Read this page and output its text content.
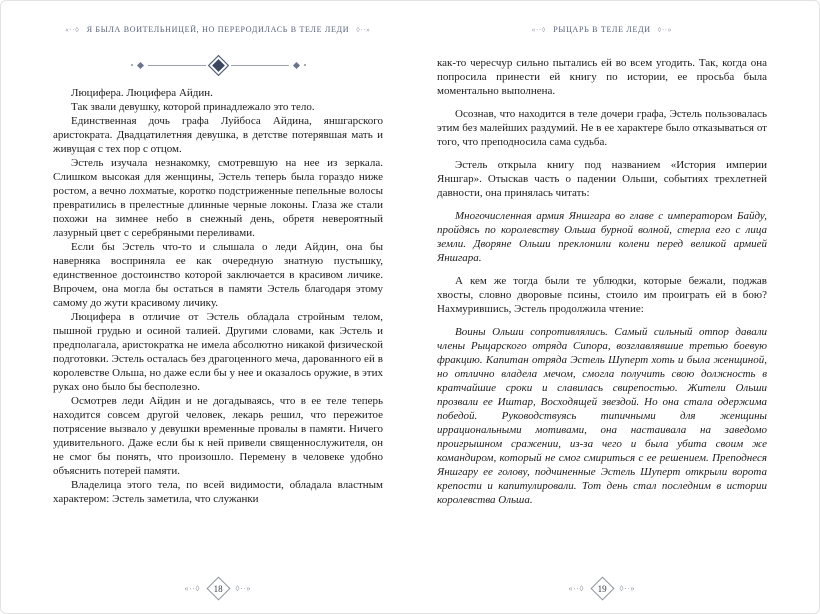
«∙∙◊ Я БЫЛА ВОИТЕЛЬНИЦЕЙ, НО ПЕРЕРОДИЛАСЬ В ТЕЛЕ ЛЕДИ ◊∙∙»

Люцифера. Люцифера Айдин.

Так звали девушку, которой принадлежало это тело.

Единственная дочь графа Луйбоса Айдина, яншгарского аристократа. Двадцатилетняя девушка, в детстве потерявшая мать и живущая с тех пор с отцом.

Эстель изучала незнакомку, смотревшую на нее из зеркала. Слишком высокая для женщины, Эстель теперь была гораздо ниже ростом, а вечно лохматые, коротко подстриженные пепельные волосы превратились в прелестные длинные черные локоны. Глаза же стали похожи на зимнее небо в снежный день, обретя невероятный лазурный цвет с серебряными переливами.

Если бы Эстель что-то и слышала о леди Айдин, она бы наверняка восприняла ее как очередную знатную пустышку, единственное достоинство которой заключается в красивом личике. Впрочем, она могла бы остаться в памяти Эстель благодаря этому самому до жути красивому личику.

Люцифера в отличие от Эстель обладала стройным телом, пышной грудью и осиной талией. Другими словами, как Эстель и предполагала, аристократка не имела абсолютно никакой физической подготовки. Эстель осталась без драгоценного меча, дарованного ей в королевстве Ольша, но даже если бы у нее и оказалось оружие, в этих руках оно было бы бесполезно.

Осмотрев леди Айдин и не догадываясь, что в ее теле теперь находится совсем другой человек, лекарь решил, что пережитое потрясение вызвало у девушки временные провалы в памяти. Ничего удивительного. Даже если бы к ней привели священнослужителя, он не смог бы понять, что произошло. Перемену в человеке удобно объяснить потерей памяти.

Владелица этого тела, по всей видимости, обладала властным характером: Эстель заметила, что служанки

«∙∙◊ 18 ◊∙∙»
«∙∙◊ РЫЦАРЬ В ТЕЛЕ ЛЕДИ ◊∙∙»

как-то чересчур сильно пытались ей во всем угодить. Так, когда она попросила принести ей книгу по истории, ее просьба была моментально выполнена.

Осознав, что находится в теле дочери графа, Эстель пользовалась этим без малейших раздумий. Не в ее характере было отказываться от того, что преподносила сама судьба.

Эстель открыла книгу под названием «История империи Яншгар». Отыскав часть о падении Ольши, событиях трехлетней давности, она принялась читать:

Многочисленная армия Яншгара во главе с императором Байду, пройдясь по королевству Ольша бурной волной, стерла его с лица земли. Дворяне Ольши преклонили колени перед великой армией Яншгара.

А кем же тогда были те ублюдки, которые бежали, поджав хвосты, словно дворовые псины, стоило им проиграть ей в бою? Нахмурившись, Эстель продолжила чтение:

Воины Ольши сопротивлялись. Самый сильный отпор давали члены Рыцарского отряда Сипора, возглавлявшие третью боевую фракцию. Капитан отряда Эстель Шуперт хоть и была женщиной, но отлично владела мечом, смогла получить свою должность в кратчайшие сроки и славилась свирепостью. Жители Ольши прозвали ее Иштар, Восходящей звездой. Но она стала одержима победой. Руководствуясь типичными для женщины иррациональными мотивами, она настаивала на заведомо проигрышном сражении, из-за чего и была убита своим же командиром, который не смог смириться с ее решением. Преподнеся Яншгару ее голову, подчиненные Эстель Шуперт открыли ворота крепости и капитулировали. Тот день стал последним в истории королевства Ольша.

«∙∙◊ 19 ◊∙∙»
